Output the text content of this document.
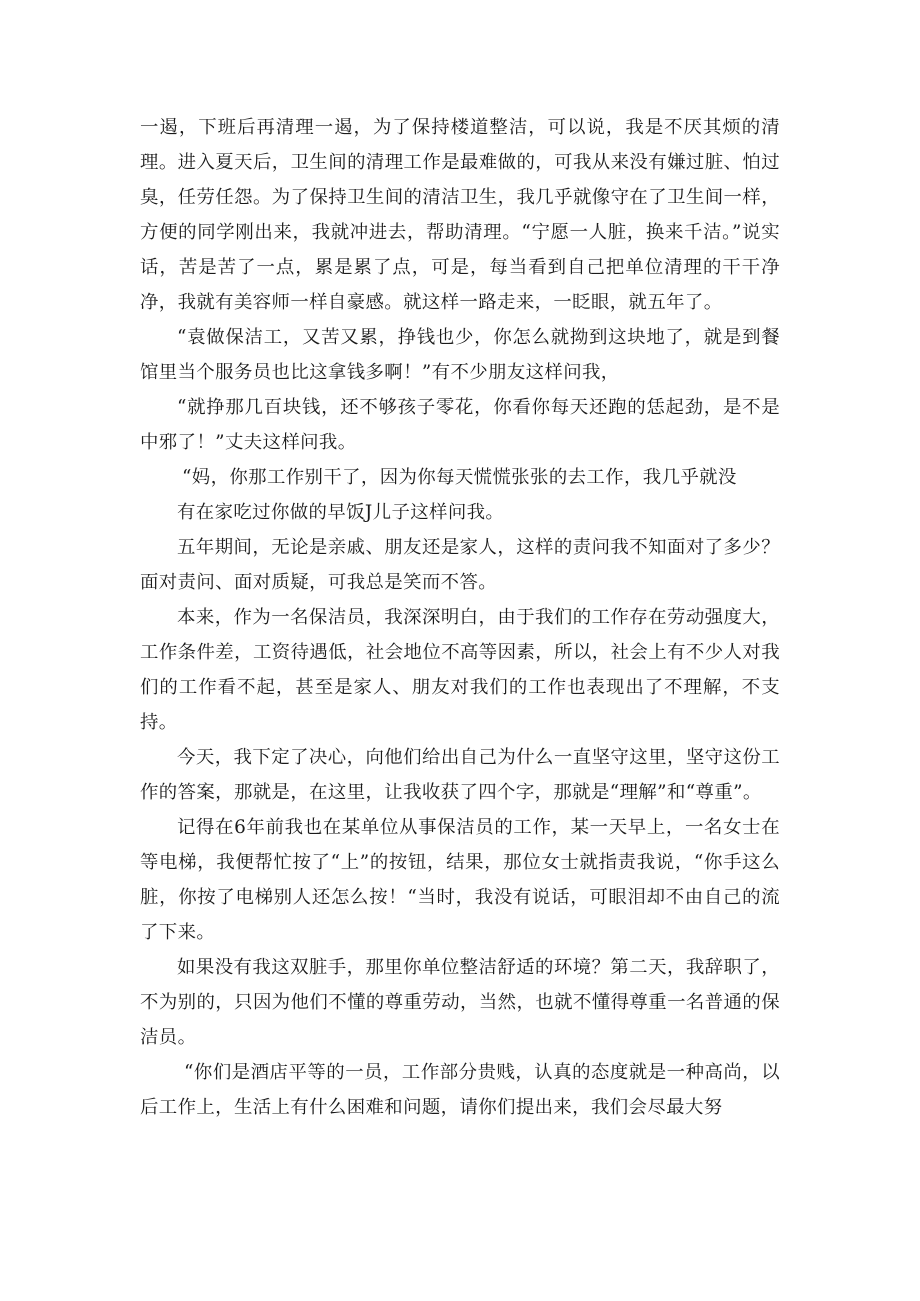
一遏，下班后再清理一遏，为了保持楼道整洁，可以说，我是不厌其烦的清理。进入夏天后，卫生间的清理工作是最难做的，可我从来没有嫌过脏、怕过臭，任劳任怨。为了保持卫生间的清洁卫生，我几乎就像守在了卫生间一样，方便的同学刚出来，我就冲进去，帮助清理。“宁愿一人脏，换来千洁。”说实话，苦是苦了一点，累是累了点，可是，每当看到自己把单位清理的干干净净，我就有美容师一样自豪感。就这样一路走来，一眨眼，就五年了。

“袁做保洁工，又苦又累，挣钱也少，你怎么就拗到这块地了，就是到餐馆里当个服务员也比这拿钱多啊！”有不少朋友这样问我，

“就挣那几百块钱，还不够孩子零花，你看你每天还跑的恁起劲，是不是中邪了！”丈夫这样问我。

“妈，你那工作别干了，因为你每天慌慌张张的去工作，我几乎就没

有在家吃过你做的早饭J儿子这样问我。

五年期间，无论是亲戚、朋友还是家人，这样的责问我不知面对了多少？面对责问、面对质疑，可我总是笑而不答。

本来，作为一名保洁员，我深深明白，由于我们的工作存在劳动强度大，工作条件差，工资待遇低，社会地位不高等因素，所以，社会上有不少人对我们的工作看不起，甚至是家人、朋友对我们的工作也表现出了不理解，不支持。

今天，我下定了决心，向他们给出自己为什么一直坚守这里，坚守这份工作的答案，那就是，在这里，让我收获了四个字，那就是“理解”和“尊重”。

记得在6年前我也在某单位从事保洁员的工作，某一天早上，一名女士在等电梯，我便帮忙按了“上”的按钮，结果，那位女士就指责我说，“你手这么脏，你按了电梯别人还怎么按！“当时，我没有说话，可眼泪却不由自己的流了下来。

如果没有我这双脏手，那里你单位整洁舒适的环境？第二天，我辞职了，不为别的，只因为他们不懂的尊重劳动，当然，也就不懂得尊重一名普通的保洁员。

“你们是酒店平等的一员，工作部分贵贱，认真的态度就是一种高尚，以后工作上，生活上有什么困难和问题，请你们提出来，我们会尽最大努
